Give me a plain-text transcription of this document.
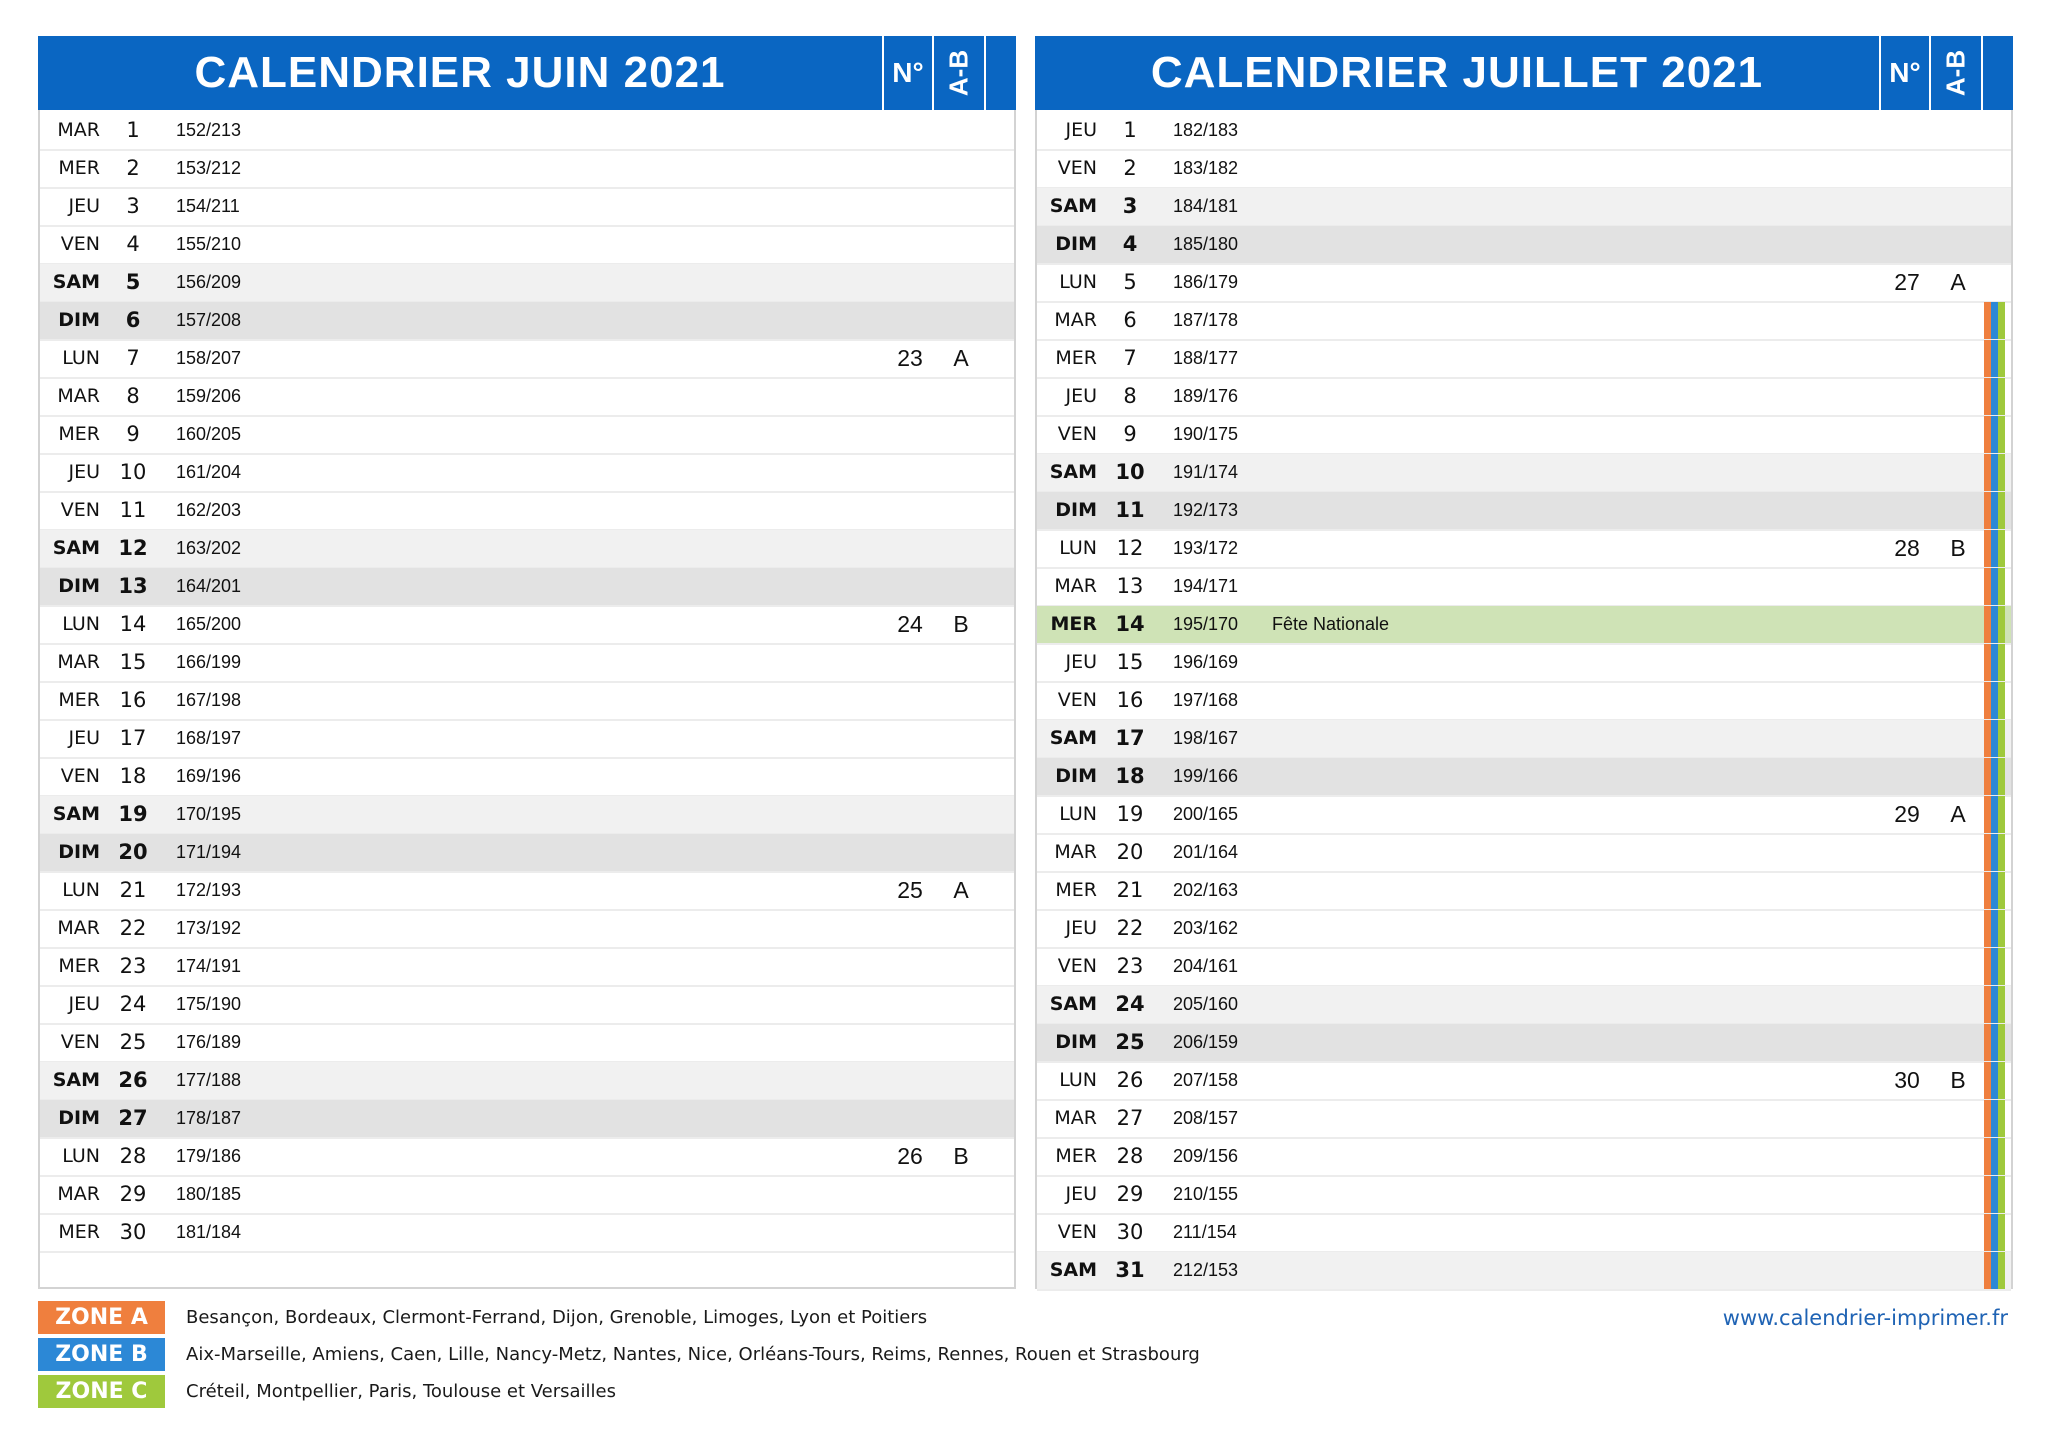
CALENDRIER JUIN 2021	N° A-B
MAR	1	152/213
MER	2	153/212
JEU	3	154/211
VEN	4	155/210
SAM	5	156/209
DIM	6	157/208
LUN	7	158/207	23	A
MAR	8	159/206
MER	9	160/205
JEU 10	161/204
VEN 11	162/203
SAM 12	163/202
DIM 13	164/201
LUN 14	165/200	24	B
MAR 15	166/199
MER 16	167/198
JEU 17	168/197
VEN 18	169/196
SAM 19	170/195
DIM 20	171/194
LUN 21	172/193	25	A
MAR 22	173/192
MER 23	174/191
JEU 24	175/190
VEN 25	176/189
SAM 26	177/188
DIM 27	178/187
LUN 28	179/186	26	B
MAR 29	180/185
MER 30	181/184
CALENDRIER JUILLET 2021	N° A-B
JEU	1	182/183
VEN	2	183/182
SAM	3	184/181
DIM	4	185/180
LUN	5	186/179	27	A
MAR	6	187/178
MER	7	188/177
JEU	8	189/176
VEN	9	190/175
SAM 10	191/174
DIM 11	192/173
LUN 12	193/172	28	B
MAR 13	194/171
MER 14	195/170 Fête Nationale
JEU 15	196/169
VEN 16	197/168
SAM 17	198/167
DIM 18	199/166
LUN 19	200/165	29	A
MAR 20	201/164
MER 21	202/163
JEU 22	203/162
VEN 23	204/161
SAM 24	205/160
DIM 25	206/159
LUN 26	207/158	30	B
MAR 27	208/157
MER 28	209/156
JEU 29	210/155
VEN 30	211/154
SAM 31	212/153
ZONE A	Besançon, Bordeaux, Clermont-Ferrand, Dijon, Grenoble, Limoges, Lyon et Poitiers
ZONE B	Aix-Marseille, Amiens, Caen, Lille, Nancy-Metz, Nantes, Nice, Orléans-Tours, Reims, Rennes, Rouen et Strasbourg
ZONE C	Créteil, Montpellier, Paris, Toulouse et Versailles
www.calendrier-imprimer.fr
